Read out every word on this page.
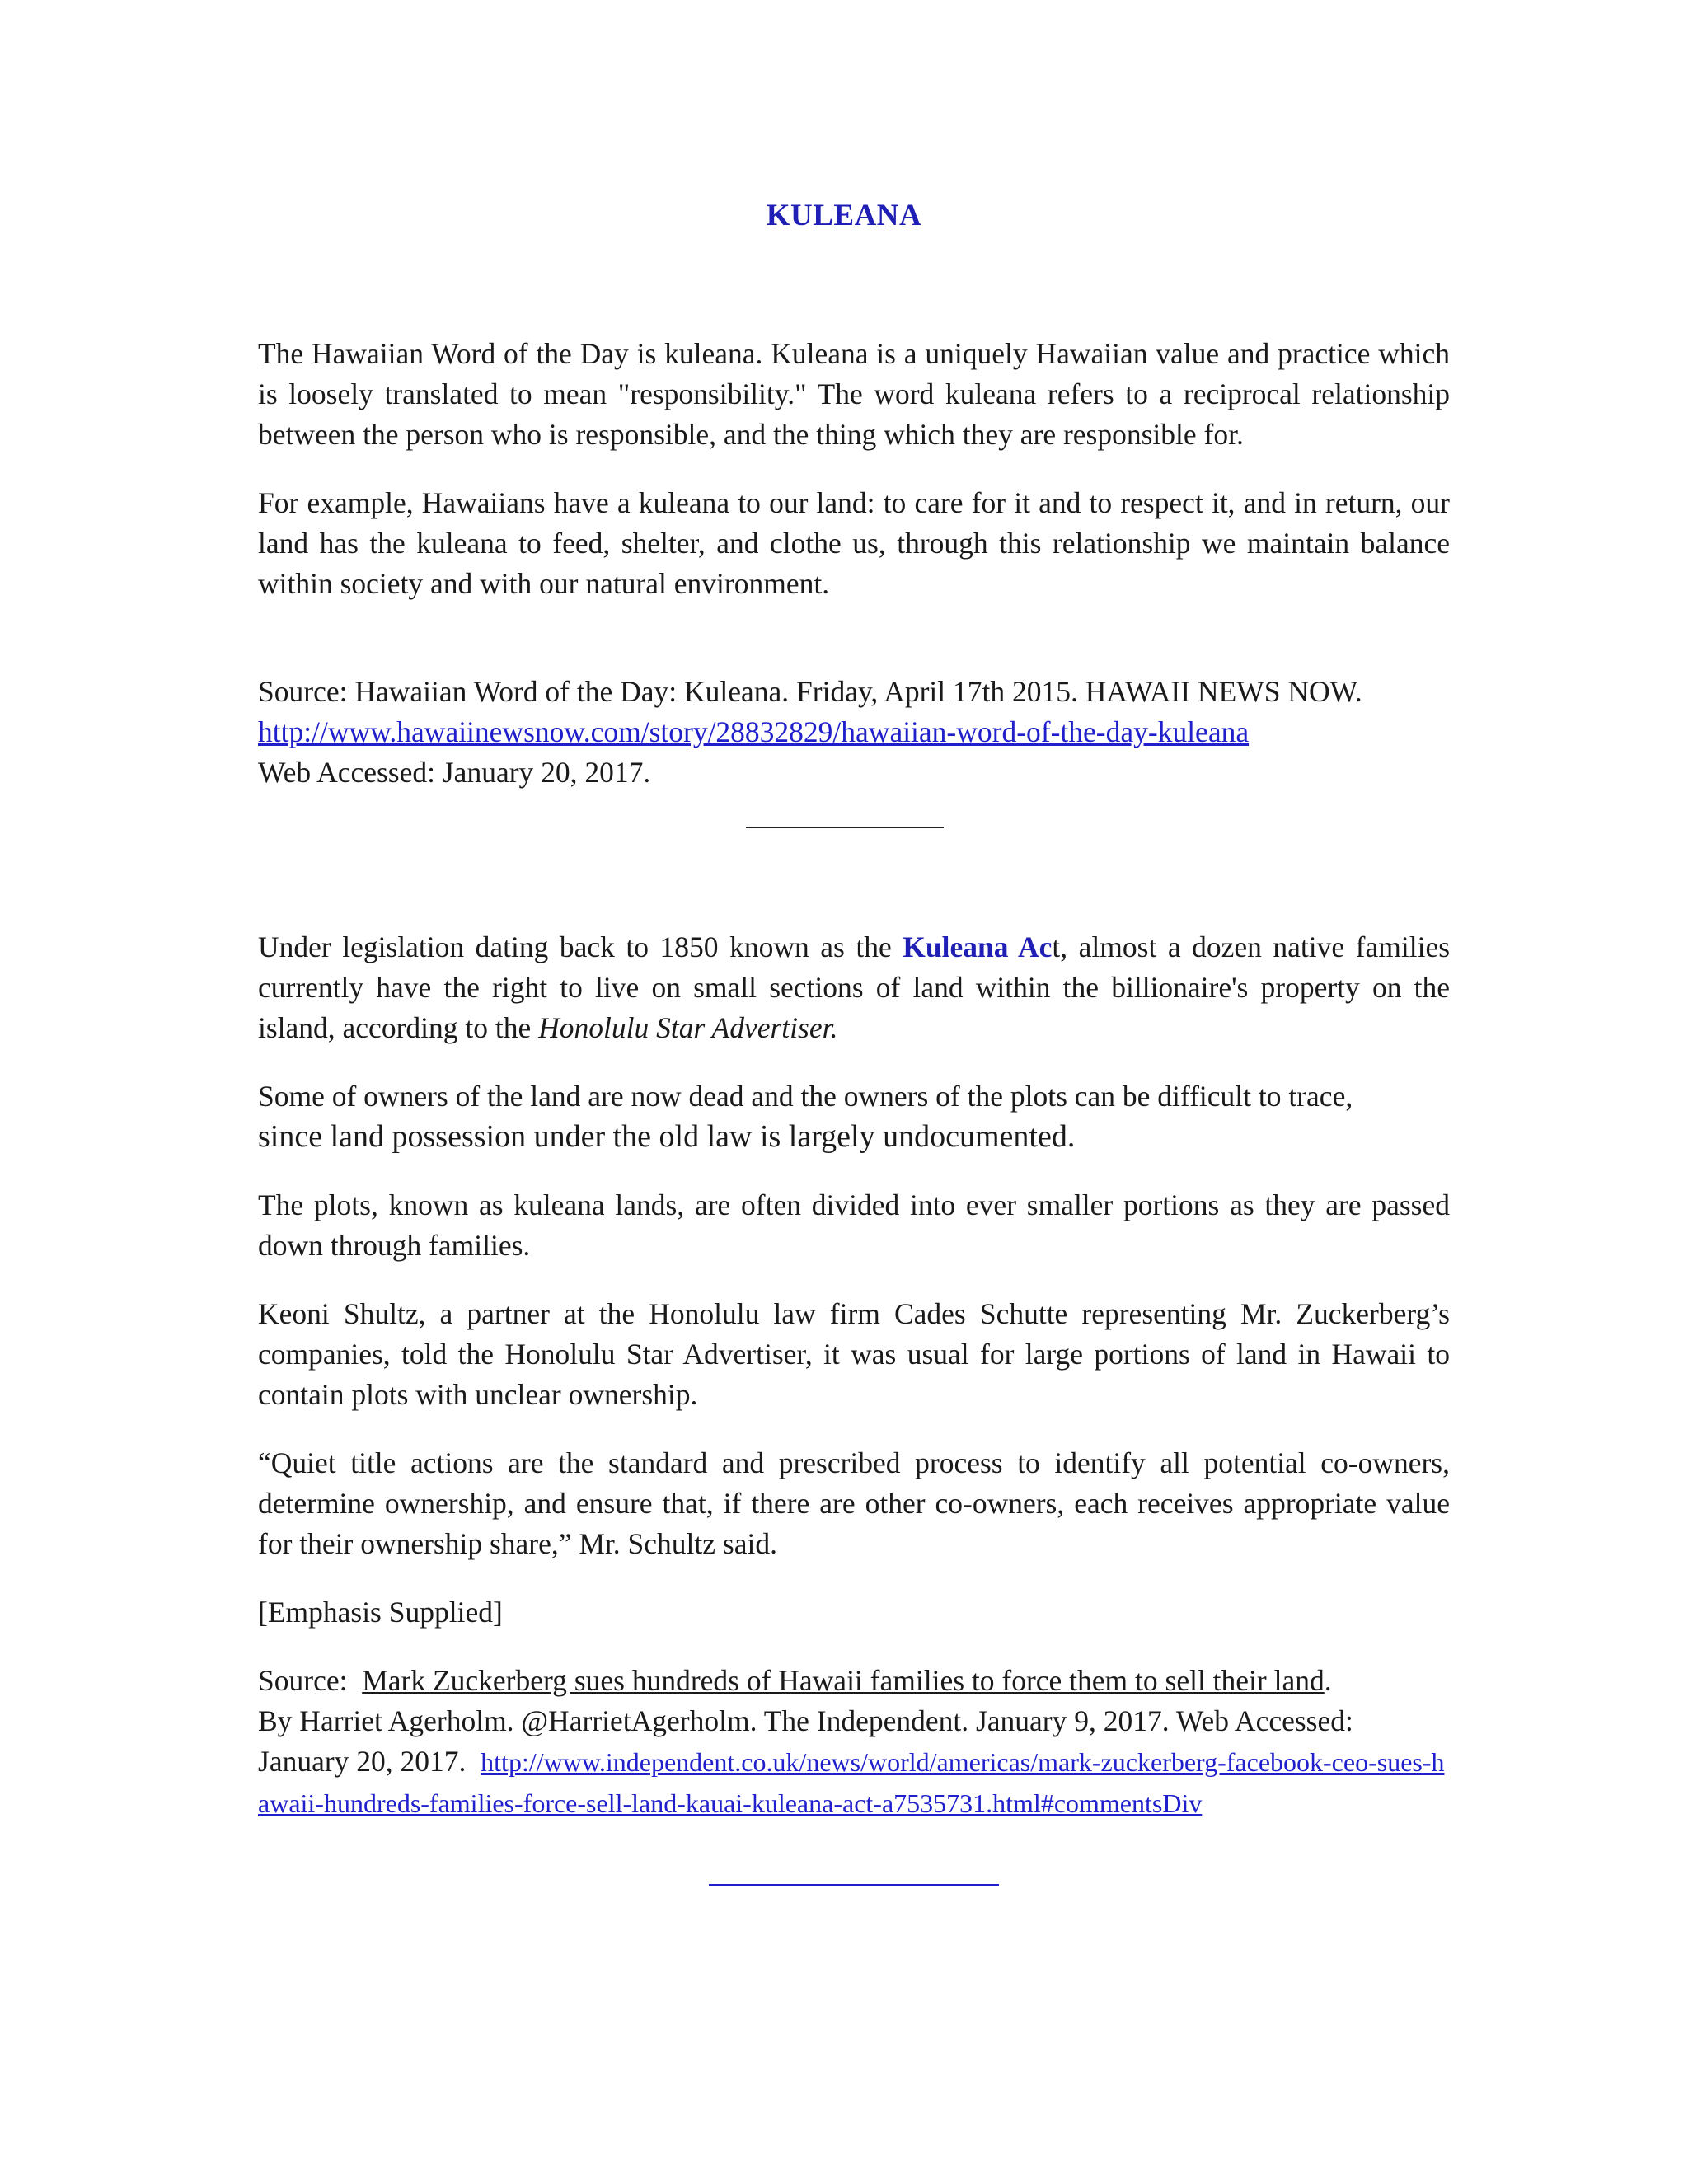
KULEANA

The Hawaiian Word of the Day is kuleana. Kuleana is a uniquely Hawaiian value and practice which is loosely translated to mean "responsibility." The word kuleana refers to a reciprocal relationship between the person who is responsible, and the thing which they are responsible for.

For example, Hawaiians have a kuleana to our land: to care for it and to respect it, and in return, our land has the kuleana to feed, shelter, and clothe us, through this relationship we maintain balance within society and with our natural environment.

Source: Hawaiian Word of the Day: Kuleana. Friday, April 17th 2015. HAWAII NEWS NOW.
http://www.hawaiinewsnow.com/story/28832829/hawaiian-word-of-the-day-kuleana
Web Accessed: January 20, 2017.

Under legislation dating back to 1850 known as the Kuleana Act, almost a dozen native families currently have the right to live on small sections of land within the billionaire's property on the island, according to the Honolulu Star Advertiser.

Some of owners of the land are now dead and the owners of the plots can be difficult to trace,
since land possession under the old law is largely undocumented.

The plots, known as kuleana lands, are often divided into ever smaller portions as they are passed down through families.

Keoni Shultz, a partner at the Honolulu law firm Cades Schutte representing Mr. Zuckerberg’s companies, told the Honolulu Star Advertiser, it was usual for large portions of land in Hawaii to contain plots with unclear ownership.

“Quiet title actions are the standard and prescribed process to identify all potential co-owners, determine ownership, and ensure that, if there are other co-owners, each receives appropriate value for their ownership share,” Mr. Schultz said.

[Emphasis Supplied]

Source:  Mark Zuckerberg sues hundreds of Hawaii families to force them to sell their land.
By Harriet Agerholm. @HarrietAgerholm. The Independent. January 9, 2017. Web Accessed:
January 20, 2017.  http://www.independent.co.uk/news/world/americas/mark-zuckerberg-facebook-ceo-sues-hawaii-hundreds-families-force-sell-land-kauai-kuleana-act-a7535731.html#commentsDiv
